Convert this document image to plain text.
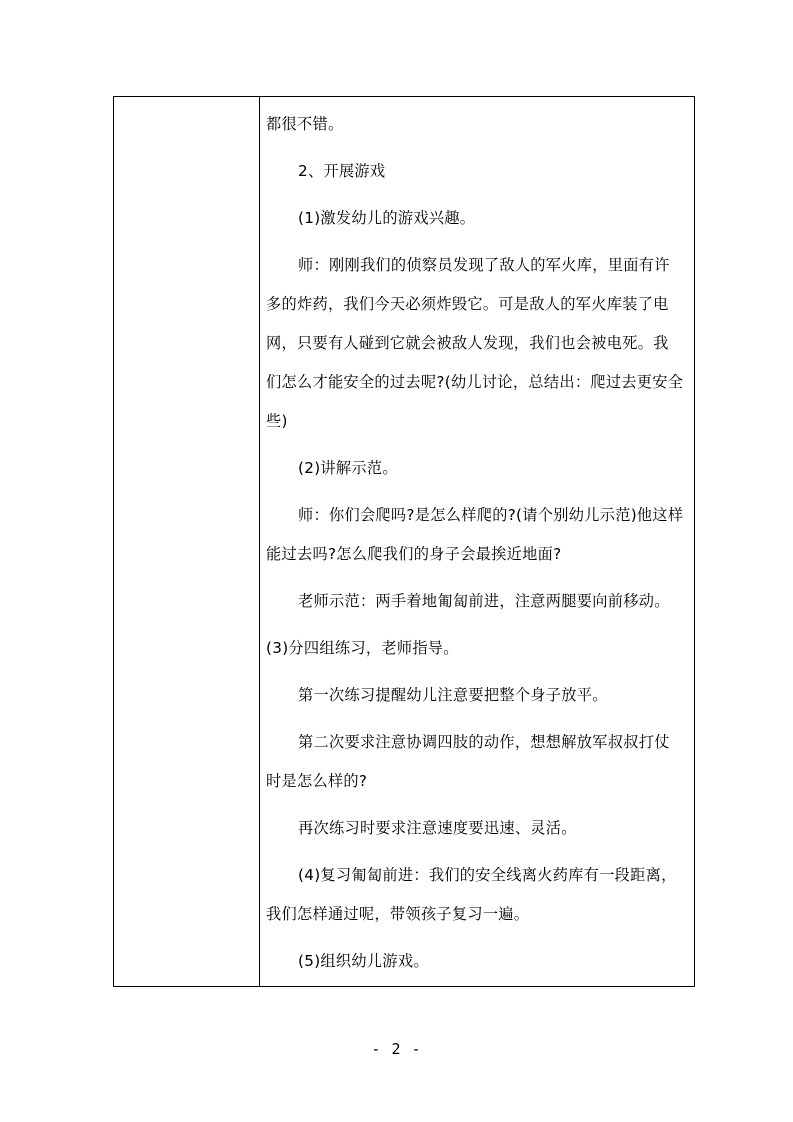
都很不错。
2、开展游戏
(1)激发幼儿的游戏兴趣。
师：刚刚我们的侦察员发现了敌人的军火库，里面有许
多的炸药，我们今天必须炸毁它。可是敌人的军火库装了电
网，只要有人碰到它就会被敌人发现，我们也会被电死。我
们怎么才能安全的过去呢?(幼儿讨论，总结出：爬过去更安全
些)
(2)讲解示范。
师：你们会爬吗?是怎么样爬的?(请个别幼儿示范)他这样
能过去吗?怎么爬我们的身子会最挨近地面?
老师示范：两手着地匍匐前进，注意两腿要向前移动。
(3)分四组练习，老师指导。
第一次练习提醒幼儿注意要把整个身子放平。
第二次要求注意协调四肢的动作，想想解放军叔叔打仗
时是怎么样的?
再次练习时要求注意速度要迅速、灵活。
(4)复习匍匐前进：我们的安全线离火药库有一段距离，
我们怎样通过呢，带领孩子复习一遍。
(5)组织幼儿游戏。
- 2 -
